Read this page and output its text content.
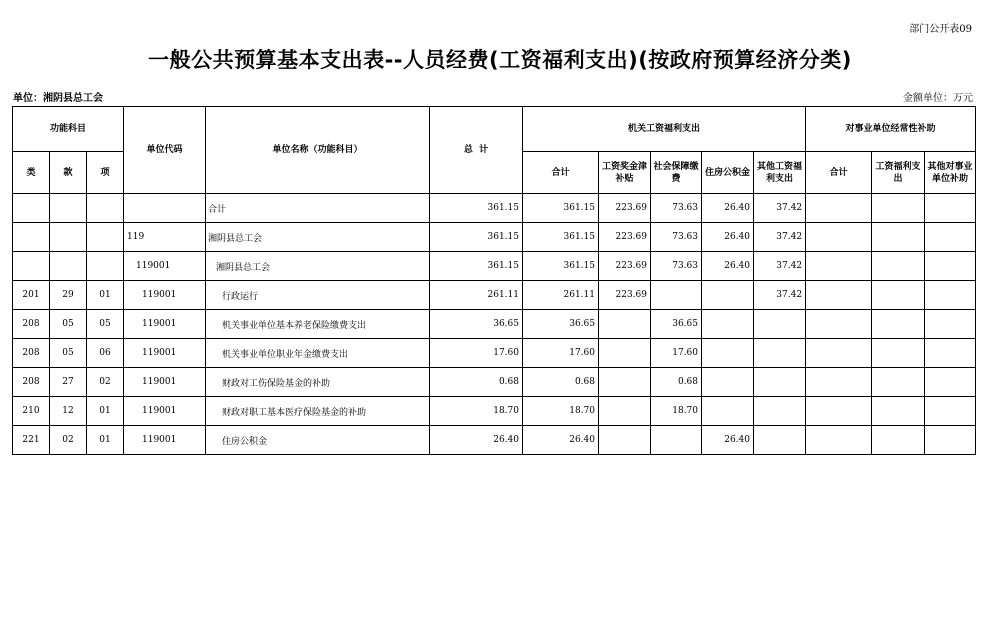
部门公开表09
一般公共预算基本支出表--人员经费(工资福利支出)(按政府预算经济分类)
单位：湘阴县总工会	金额单位：万元
功能科目			单位代码	单位名称（功能科目）	总  计	机关工资福利支出					对事业单位经常性补助		
类	款	项				合计	工资奖金津补贴	社会保障缴费	住房公积金	其他工资福利支出	合计	工资福利支出	其他对事业单位补助
				合计	361.15	361.15	223.69	73.63	26.40	37.42			
			119	湘阴县总工会	361.15	361.15	223.69	73.63	26.40	37.42			
			119001	湘阴县总工会	361.15	361.15	223.69	73.63	26.40	37.42			
201	29	01	119001	行政运行	261.11	261.11	223.69			37.42			
208	05	05	119001	机关事业单位基本养老保险缴费支出	36.65	36.65		36.65					
208	05	06	119001	机关事业单位职业年金缴费支出	17.60	17.60		17.60					
208	27	02	119001	财政对工伤保险基金的补助	0.68	0.68		0.68					
210	12	01	119001	财政对职工基本医疗保险基金的补助	18.70	18.70		18.70					
221	02	01	119001	住房公积金	26.40	26.40			26.40				
